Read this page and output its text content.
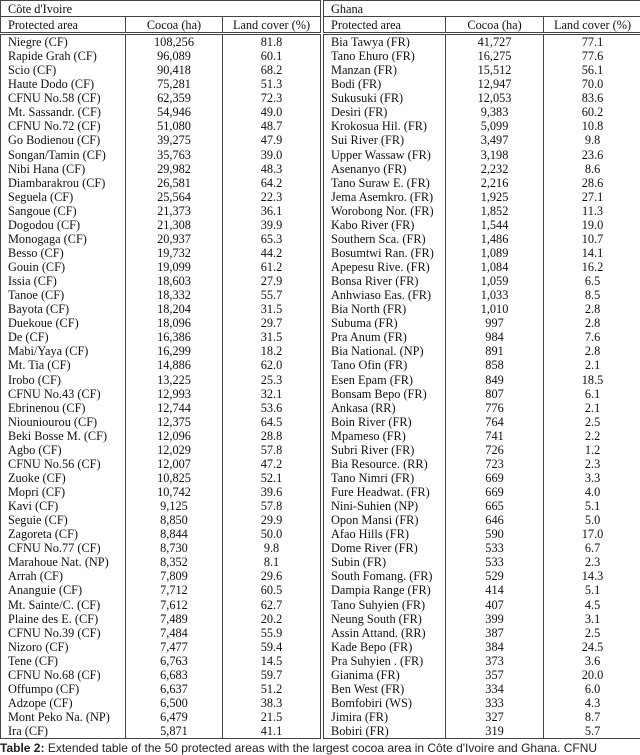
Côte d'Ivoire		
Protected area	Cocoa (ha)	Land cover (%)
Niegre (CF)	108,256	81.8
Rapide Grah (CF)	96,089	60.1
Scio (CF)	90,418	68.2
Haute Dodo (CF)	75,281	51.3
CFNU No.58 (CF)	62,359	72.3
Mt. Sassandr. (CF)	54,946	49.0
CFNU No.72 (CF)	51,080	48.7
Go Bodienou (CF)	39,275	47.9
Songan/Tamin (CF)	35,763	39.0
Nibi Hana (CF)	29,982	48.3
Diambarakrou (CF)	26,581	64.2
Seguela (CF)	25,564	22.3
Sangoue (CF)	21,373	36.1
Dogodou (CF)	21,308	39.9
Monogaga (CF)	20,937	65.3
Besso (CF)	19,732	44.2
Gouin (CF)	19,099	61.2
Issia (CF)	18,603	27.9
Tanoe (CF)	18,332	55.7
Bayota (CF)	18,204	31.5
Duekoue (CF)	18,096	29.7
De (CF)	16,386	31.5
Mabi/Yaya (CF)	16,299	18.2
Mt. Tia (CF)	14,886	62.0
Irobo (CF)	13,225	25.3
CFNU No.43 (CF)	12,993	32.1
Ebrinenou (CF)	12,744	53.6
Niouniourou (CF)	12,375	64.5
Beki Bosse M. (CF)	12,096	28.8
Agbo (CF)	12,029	57.8
CFNU No.56 (CF)	12,007	47.2
Zuoke (CF)	10,825	52.1
Mopri (CF)	10,742	39.6
Kavi (CF)	9,125	57.8
Seguie (CF)	8,850	29.9
Zagoreta (CF)	8,844	50.0
CFNU No.77 (CF)	8,730	9.8
Marahoue Nat. (NP)	8,352	8.1
Arrah (CF)	7,809	29.6
Ananguie (CF)	7,712	60.5
Mt. Sainte/C. (CF)	7,612	62.7
Plaine des E. (CF)	7,489	20.2
CFNU No.39 (CF)	7,484	55.9
Nizoro (CF)	7,477	59.4
Tene (CF)	6,763	14.5
CFNU No.68 (CF)	6,683	59.7
Offumpo (CF)	6,637	51.2
Adzope (CF)	6,500	38.3
Mont Peko Na. (NP)	6,479	21.5
Ira (CF)	5,871	41.1
Ghana		
Protected area	Cocoa (ha)	Land cover (%)
Bia Tawya (FR)	41,727	77.1
Tano Ehuro (FR)	16,275	77.6
Manzan (FR)	15,512	56.1
Bodi (FR)	12,947	70.0
Sukusuki (FR)	12,053	83.6
Desiri (FR)	9,383	60.2
Krokosua Hil. (FR)	5,099	10.8
Sui River (FR)	3,497	9.8
Upper Wassaw (FR)	3,198	23.6
Asenanyo (FR)	2,232	8.6
Tano Suraw E. (FR)	2,216	28.6
Jema Asemkro. (FR)	1,925	27.1
Worobong Nor. (FR)	1,852	11.3
Kabo River (FR)	1,544	19.0
Southern Sca. (FR)	1,486	10.7
Bosumtwi Ran. (FR)	1,089	14.1
Apepesu Rive. (FR)	1,084	16.2
Bonsa River (FR)	1,059	6.5
Anhwiaso Eas. (FR)	1,033	8.5
Bia North (FR)	1,010	2.8
Subuma (FR)	997	2.8
Pra Anum (FR)	984	7.6
Bia National. (NP)	891	2.8
Tano Ofin (FR)	858	2.1
Esen Epam (FR)	849	18.5
Bonsam Bepo (FR)	807	6.1
Ankasa (RR)	776	2.1
Boin River (FR)	764	2.5
Mpameso (FR)	741	2.2
Subri River (FR)	726	1.2
Bia Resource. (RR)	723	2.3
Tano Nimri (FR)	669	3.3
Fure Headwat. (FR)	669	4.0
Nini-Suhien (NP)	665	5.1
Opon Mansi (FR)	646	5.0
Afao Hills (FR)	590	17.0
Dome River (FR)	533	6.7
Subin (FR)	533	2.3
South Fomang. (FR)	529	14.3
Dampia Range (FR)	414	5.1
Tano Suhyien (FR)	407	4.5
Neung South (FR)	399	3.1
Assin Attand. (RR)	387	2.5
Kade Bepo (FR)	384	24.5
Pra Suhyien . (FR)	373	3.6
Gianima (FR)	357	20.0
Ben West (FR)	334	6.0
Bomfobiri (WS)	333	4.3
Jimira (FR)	327	8.7
Bobiri (FR)	319	5.7
Table 2: Extended table of the 50 protected areas with the largest cocoa area in Côte d'Ivoire and Ghana. CFNU
